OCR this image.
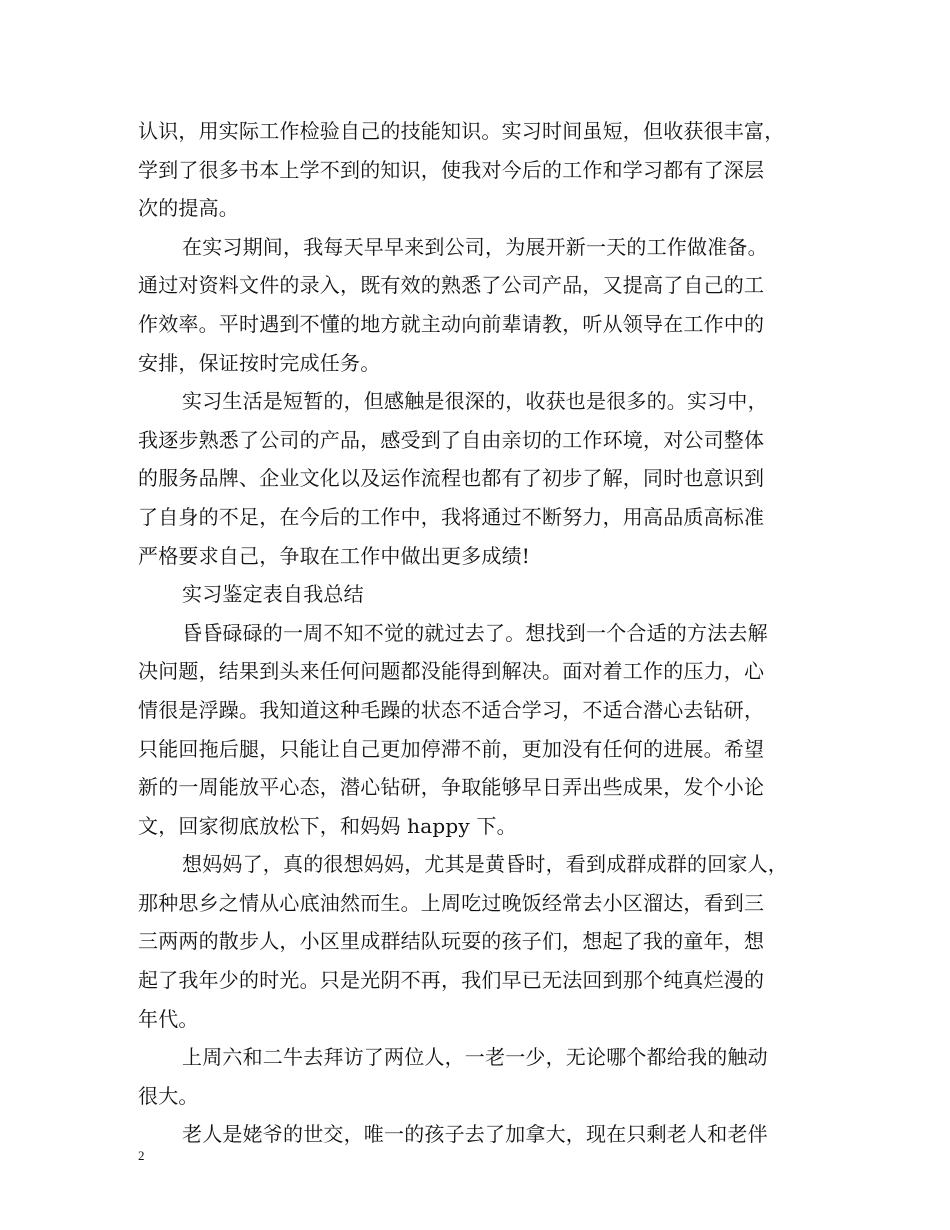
认识，用实际工作检验自己的技能知识。实习时间虽短，但收获很丰富，
学到了很多书本上学不到的知识，使我对今后的工作和学习都有了深层
次的提高。
在实习期间，我每天早早来到公司，为展开新一天的工作做准备。
通过对资料文件的录入，既有效的熟悉了公司产品，又提高了自己的工
作效率。平时遇到不懂的地方就主动向前辈请教，听从领导在工作中的
安排，保证按时完成任务。
实习生活是短暂的，但感触是很深的，收获也是很多的。实习中，
我逐步熟悉了公司的产品，感受到了自由亲切的工作环境，对公司整体
的服务品牌、企业文化以及运作流程也都有了初步了解，同时也意识到
了自身的不足，在今后的工作中，我将通过不断努力，用高品质高标准
严格要求自己，争取在工作中做出更多成绩!
实习鉴定表自我总结
昏昏碌碌的一周不知不觉的就过去了。想找到一个合适的方法去解
决问题，结果到头来任何问题都没能得到解决。面对着工作的压力，心
情很是浮躁。我知道这种毛躁的状态不适合学习，不适合潜心去钻研，
只能回拖后腿，只能让自己更加停滞不前，更加没有任何的进展。希望
新的一周能放平心态，潜心钻研，争取能够早日弄出些成果，发个小论
文，回家彻底放松下，和妈妈 happy 下。
想妈妈了，真的很想妈妈，尤其是黄昏时，看到成群成群的回家人，
那种思乡之情从心底油然而生。上周吃过晚饭经常去小区溜达，看到三
三两两的散步人，小区里成群结队玩耍的孩子们，想起了我的童年，想
起了我年少的时光。只是光阴不再，我们早已无法回到那个纯真烂漫的
年代。
上周六和二牛去拜访了两位人，一老一少，无论哪个都给我的触动
很大。
老人是姥爷的世交，唯一的孩子去了加拿大，现在只剩老人和老伴
2
